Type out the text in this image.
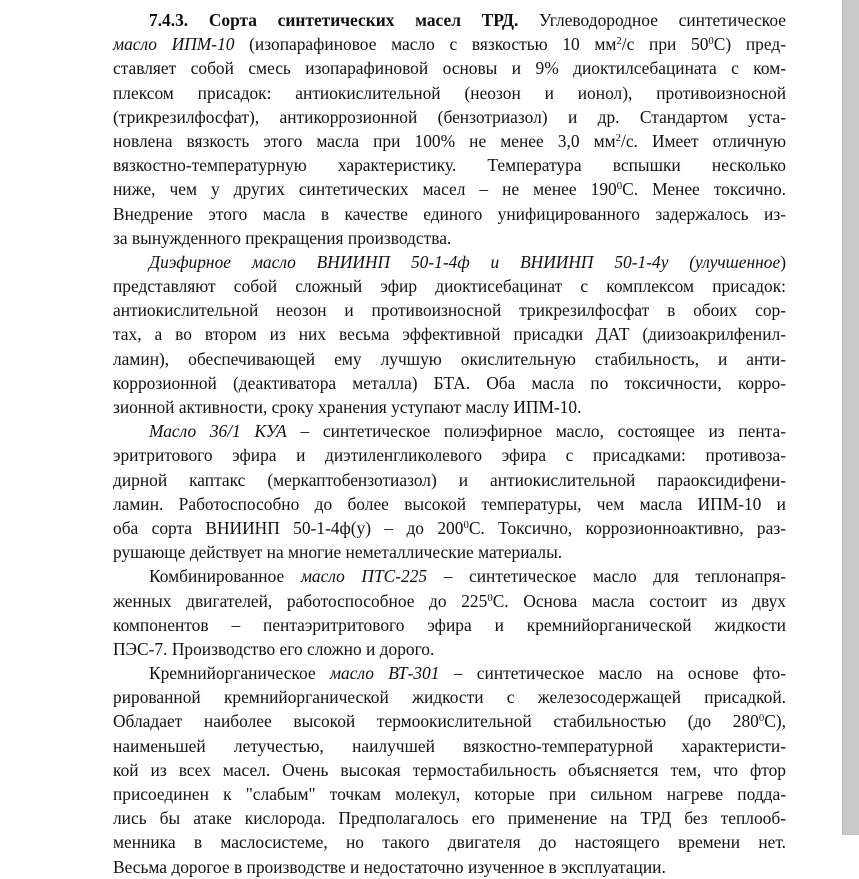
7.4.3. Сорта синтетических масел ТРД. Углеводородное синтетическое
масло ИПМ-10 (изопарафиновое масло с вязкостью 10 $мм^2/с$ при $50^0С$) пред-
ставляет собой смесь изопарафиновой основы и 9% диоктилсебацината с ком-
плексом присадок: антиокислительной (неозон и ионол), противоизносной
(трикрезилфосфат), антикоррозионной (бензотриазол) и др. Стандартом уста-
новлена вязкость этого масла при 100% не менее 3,0 $мм^2/с$. Имеет отличную
вязкостно-температурную характеристику. Температура вспышки несколько
ниже, чем у других синтетических масел – не менее $190^0С$. Менее токсично.
Внедрение этого масла в качестве единого унифицированного задержалось из-
за вынужденного прекращения производства.
Диэфирное масло ВНИИНП 50-1-4ф и ВНИИНП 50-1-4у (улучшенное)
представляют собой сложный эфир диоктисебацинат с комплексом присадок:
антиокислительной неозон и противоизносной трикрезилфосфат в обоих сор-
тах, а во втором из них весьма эффективной присадки ДАТ (диизоакрилфенил-
ламин), обеспечивающей ему лучшую окислительную стабильность, и анти-
коррозионной (деактиватора металла) БТА. Оба масла по токсичности, корро-
зионной активности, сроку хранения уступают маслу ИПМ-10.
Масло 36/1 КУА – синтетическое полиэфирное масло, состоящее из пента-
эритритового эфира и диэтиленгликолевого эфира с присадками: противоза-
дирной каптакс (меркаптобензотиазол) и антиокислительной параоксидифени-
ламин. Работоспособно до более высокой температуры, чем масла ИПМ-10 и
оба сорта ВНИИНП 50-1-4ф(у) – до $200^0С$. Токсично, коррозионноактивно, раз-
рушающе действует на многие неметаллические материалы.
Комбинированное масло ПТС-225 – синтетическое масло для теплонапря-
женных двигателей, работоспособное до $225^0С$. Основа масла состоит из двух
компонентов – пентаэритритового эфира и кремнийорганической жидкости
ПЭС-7. Производство его сложно и дорого.
Кремнийорганическое масло ВТ-301 – синтетическое масло на основе фто-
рированной кремнийорганической жидкости с железосодержащей присадкой.
Обладает наиболее высокой термоокислительной стабильностью (до $280^0С$),
наименьшей летучестью, наилучшей вязкостно-температурной характеристи-
кой из всех масел. Очень высокая термостабильность объясняется тем, что фтор
присоединен к "слабым" точкам молекул, которые при сильном нагреве подда-
лись бы атаке кислорода. Предполагалось его применение на ТРД без теплооб-
менника в маслосистеме, но такого двигателя до настоящего времени нет.
Весьма дорогое в производстве и недостаточно изученное в эксплуатации.
